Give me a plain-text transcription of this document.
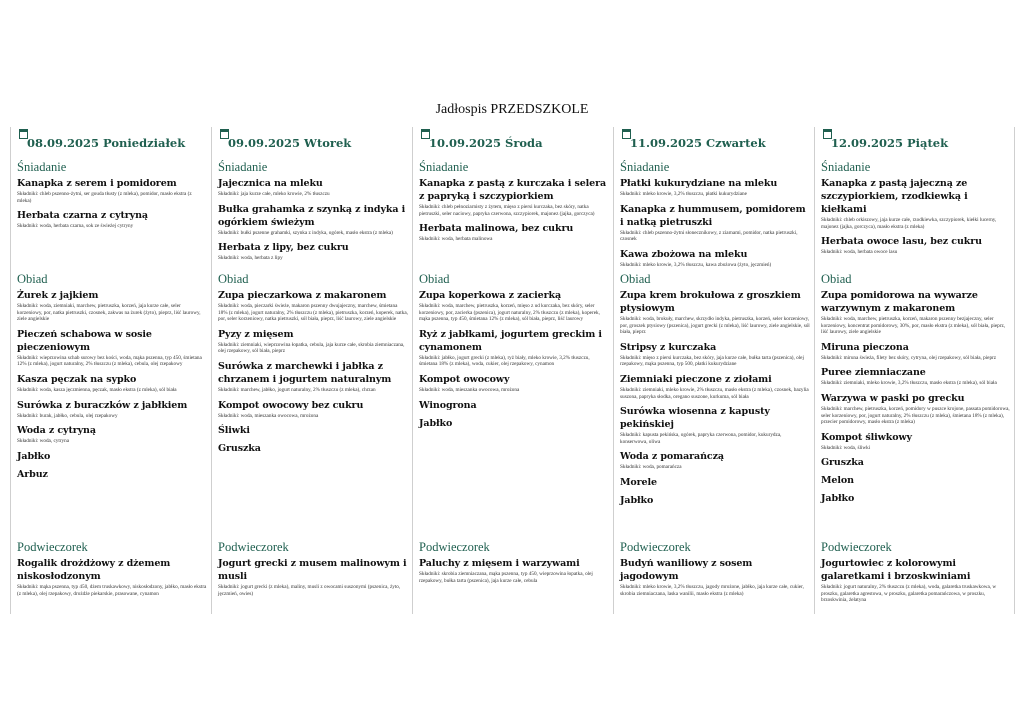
Jadłospis PRZEDSZKOLE
08.09.2025 Poniedziałek
Śniadanie
Kanapka z serem i pomidorem
Składniki: chleb pszenno-żytni, ser gouda tłusty (z mleka), pomidor, masło ekstra (z mleka)
Herbata czarna z cytryną
Składniki: woda, herbata czarna, sok ze świeżej cytryny
Obiad
Żurek z jajkiem
Składniki: woda, ziemniaki, marchew, pietruszka, korzeń, jaja kurze całe, seler korzeniowy, por, natka pietruszki, czosnek, zakwas na żurek (żyto), pieprz, liść laurowy, ziele angielskie
Pieczeń schabowa w sosie pieczeniowym
Składniki: wieprzowina schab surowy bez kości, woda, mąka pszenna, typ 450, śmietana 12% (z mleka), jogurt naturalny, 2% tłuszczu (z mleka), cebula, olej rzepakowy
Kasza pęczak na sypko
Składniki: woda, kasza jęczmienna, pęczak, masło ekstra (z mleka), sól biała
Surówka z buraczków z jabłkiem
Składniki: burak, jabłko, cebula, olej rzepakowy
Woda z cytryną
Składniki: woda, cytryna
Jabłko
Arbuz
Podwieczorek
Rogalik drożdżowy z dżemem niskosłodzonym
Składniki: mąka pszenna, typ 450, dżem truskawkowy, niskosłodzony, jabłko, masło ekstra (z mleka), olej rzepakowy, drożdże piekarskie, prasowane, cynamon
09.09.2025 Wtorek
Śniadanie
Jajecznica na mleku
Składniki: jaja kurze całe, mleko krowie, 2% tłuszczu
Bułka grahamka z szynką z indyka i ogórkiem świeżym
Składniki: bułki pszenne grahamki, szynka z indyka, ogórek, masło ekstra (z mleka)
Herbata z lipy, bez cukru
Składniki: woda, herbata z lipy
Obiad
Zupa pieczarkowa z makaronem
Składniki: woda, pieczarki świeże, makaron pszenny dwujajeczny, marchew, śmietana 18% (z mleka), jogurt naturalny, 2% tłuszczu (z mleka), pietruszka, korzeń, koperek, natka, por, seler korzeniowy, natka pietruszki, sól biała, pieprz, liść laurowy, ziele angielskie
Pyzy z mięsem
Składniki: ziemniaki, wieprzowina łopatka, cebula, jaja kurze całe, skrobia ziemniaczana, olej rzepakowy, sól biała, pieprz
Surówka z marchewki i jabłka z chrzanem i jogurtem naturalnym
Składniki: marchew, jabłko, jogurt naturalny, 2% tłuszczu (z mleka), chrzan
Kompot owocowy bez cukru
Składniki: woda, mieszanka owocowa, mrożona
Śliwki
Gruszka
Podwieczorek
Jogurt grecki z musem malinowym i musli
Składniki: jogurt grecki (z mleka), maliny, musli z owocami suszonymi (pszenica, żyto, jęczmień, owies)
10.09.2025 Środa
Śniadanie
Kanapka z pastą z kurczaka i selera z papryką i szczypiorkiem
Składniki: chleb pełnoziarnisty z żytem, mięso z piersi kurczaka, bez skóry, natka pietruszki, seler naciowy, papryka czerwona, szczypiorek, majonez (jajka, gorczyca)
Herbata malinowa, bez cukru
Składniki: woda, herbata malinowa
Obiad
Zupa koperkowa z zacierką
Składniki: woda, marchew, pietruszka, korzeń, mięso z ud kurczaka, bez skóry, seler korzeniowy, por, zacierka (pszenica), jogurt naturalny, 2% tłuszczu (z mleka), koperek, mąka pszenna, typ 450, śmietana 12% (z mleka), sól biała, pieprz, liść laurowy
Ryż z jabłkami, jogurtem greckim i cynamonem
Składniki: jabłko, jogurt grecki (z mleka), ryż biały, mleko krowie, 3,2% tłuszczu, śmietana 18% (z mleka), woda, cukier, olej rzepakowy, cynamon
Kompot owocowy
Składniki: woda, mieszanka owocowa, mrożona
Winogrona
Jabłko
Podwieczorek
Paluchy z mięsem i warzywami
Składniki: skrobia ziemniaczana, mąka pszenna, typ 450, wieprzowina łopatka, olej rzepakowy, bułka tarta (pszenica), jaja kurze całe, cebula
11.09.2025 Czwartek
Śniadanie
Płatki kukurydziane na mleku
Składniki: mleko krowie, 3,2% tłuszczu, płatki kukurydziane
Kanapka z hummusem, pomidorem i natką pietruszki
Składniki: chleb pszenno-żytni słonecznikowy, z ziarnami, pomidor, natka pietruszki, czosnek
Kawa zbożowa na mleku
Składniki: mleko krowie, 3,2% tłuszczu, kawa zbożowa (żyto, jęczmień)
Obiad
Zupa krem brokułowa z groszkiem ptysiowym
Składniki: woda, brokuły, marchew, skrzydło indyka, pietruszka, korzeń, seler korzeniowy, por, groszek ptysiowy (pszenica), jogurt grecki (z mleka), liść laurowy, ziele angielskie, sól biała, pieprz
Stripsy z kurczaka
Składniki: mięso z piersi kurczaka, bez skóry, jaja kurze całe, bułka tarta (pszenica), olej rzepakowy, mąka pszenna, typ 500, płatki kukurydziane
Ziemniaki pieczone z ziołami
Składniki: ziemniaki, mleko krowie, 2% tłuszczu, masło ekstra (z mleka), czosnek, bazylia suszona, papryka słodka, oregano suszone, kurkuma, sól biała
Surówka wiosenna z kapusty pekińskiej
Składniki: kapusta pekińska, ogórek, papryka czerwona, pomidor, kukurydza, konserwowa, oliwa
Woda z pomarańczą
Składniki: woda, pomarańcza
Morele
Jabłko
Podwieczorek
Budyń waniliowy z sosem jagodowym
Składniki: mleko krowie, 3,2% tłuszczu, jagody mrożone, jabłko, jaja kurze całe, cukier, skrobia ziemniaczana, laska wanilii, masło ekstra (z mleka)
12.09.2025 Piątek
Śniadanie
Kanapka z pastą jajeczną ze szczypiorkiem, rzodkiewką i kiełkami
Składniki: chleb orkiszowy, jaja kurze całe, rzodkiewka, szczypiorek, kiełki lucerny, majonez (jajka, gorczyca), masło ekstra (z mleka)
Herbata owoce lasu, bez cukru
Składniki: woda, herbata owoce lasu
Obiad
Zupa pomidorowa na wywarze warzywnym z makaronem
Składniki: woda, marchew, pietruszka, korzeń, makaron pszenny bezjajeczny, seler korzeniowy, koncentrat pomidorowy, 30%, por, masło ekstra (z mleka), sól biała, pieprz, liść laurowy, ziele angielskie
Miruna pieczona
Składniki: miruna świeża, filety bez skóry, cytryna, olej rzepakowy, sól biała, pieprz
Puree ziemniaczane
Składniki: ziemniaki, mleko krowie, 3,2% tłuszczu, masło ekstra (z mleka), sól biała
Warzywa w paski po grecku
Składniki: marchew, pietruszka, korzeń, pomidory w puszce krojone, passata pomidorowa, seler korzeniowy, por, jogurt naturalny, 2% tłuszczu (z mleka), śmietana 18% (z mleka), przecier pomidorowy, masło ekstra (z mleka)
Kompot śliwkowy
Składniki: woda, śliwki
Gruszka
Melon
Jabłko
Podwieczorek
Jogurtowiec z kolorowymi galaretkami i brzoskwiniami
Składniki: jogurt naturalny, 2% tłuszczu (z mleka), woda, galaretka truskawkowa, w proszku, galaretka agrestowa, w proszku, galaretka pomarańczowa, w proszku, brzoskwinia, żelatyna
